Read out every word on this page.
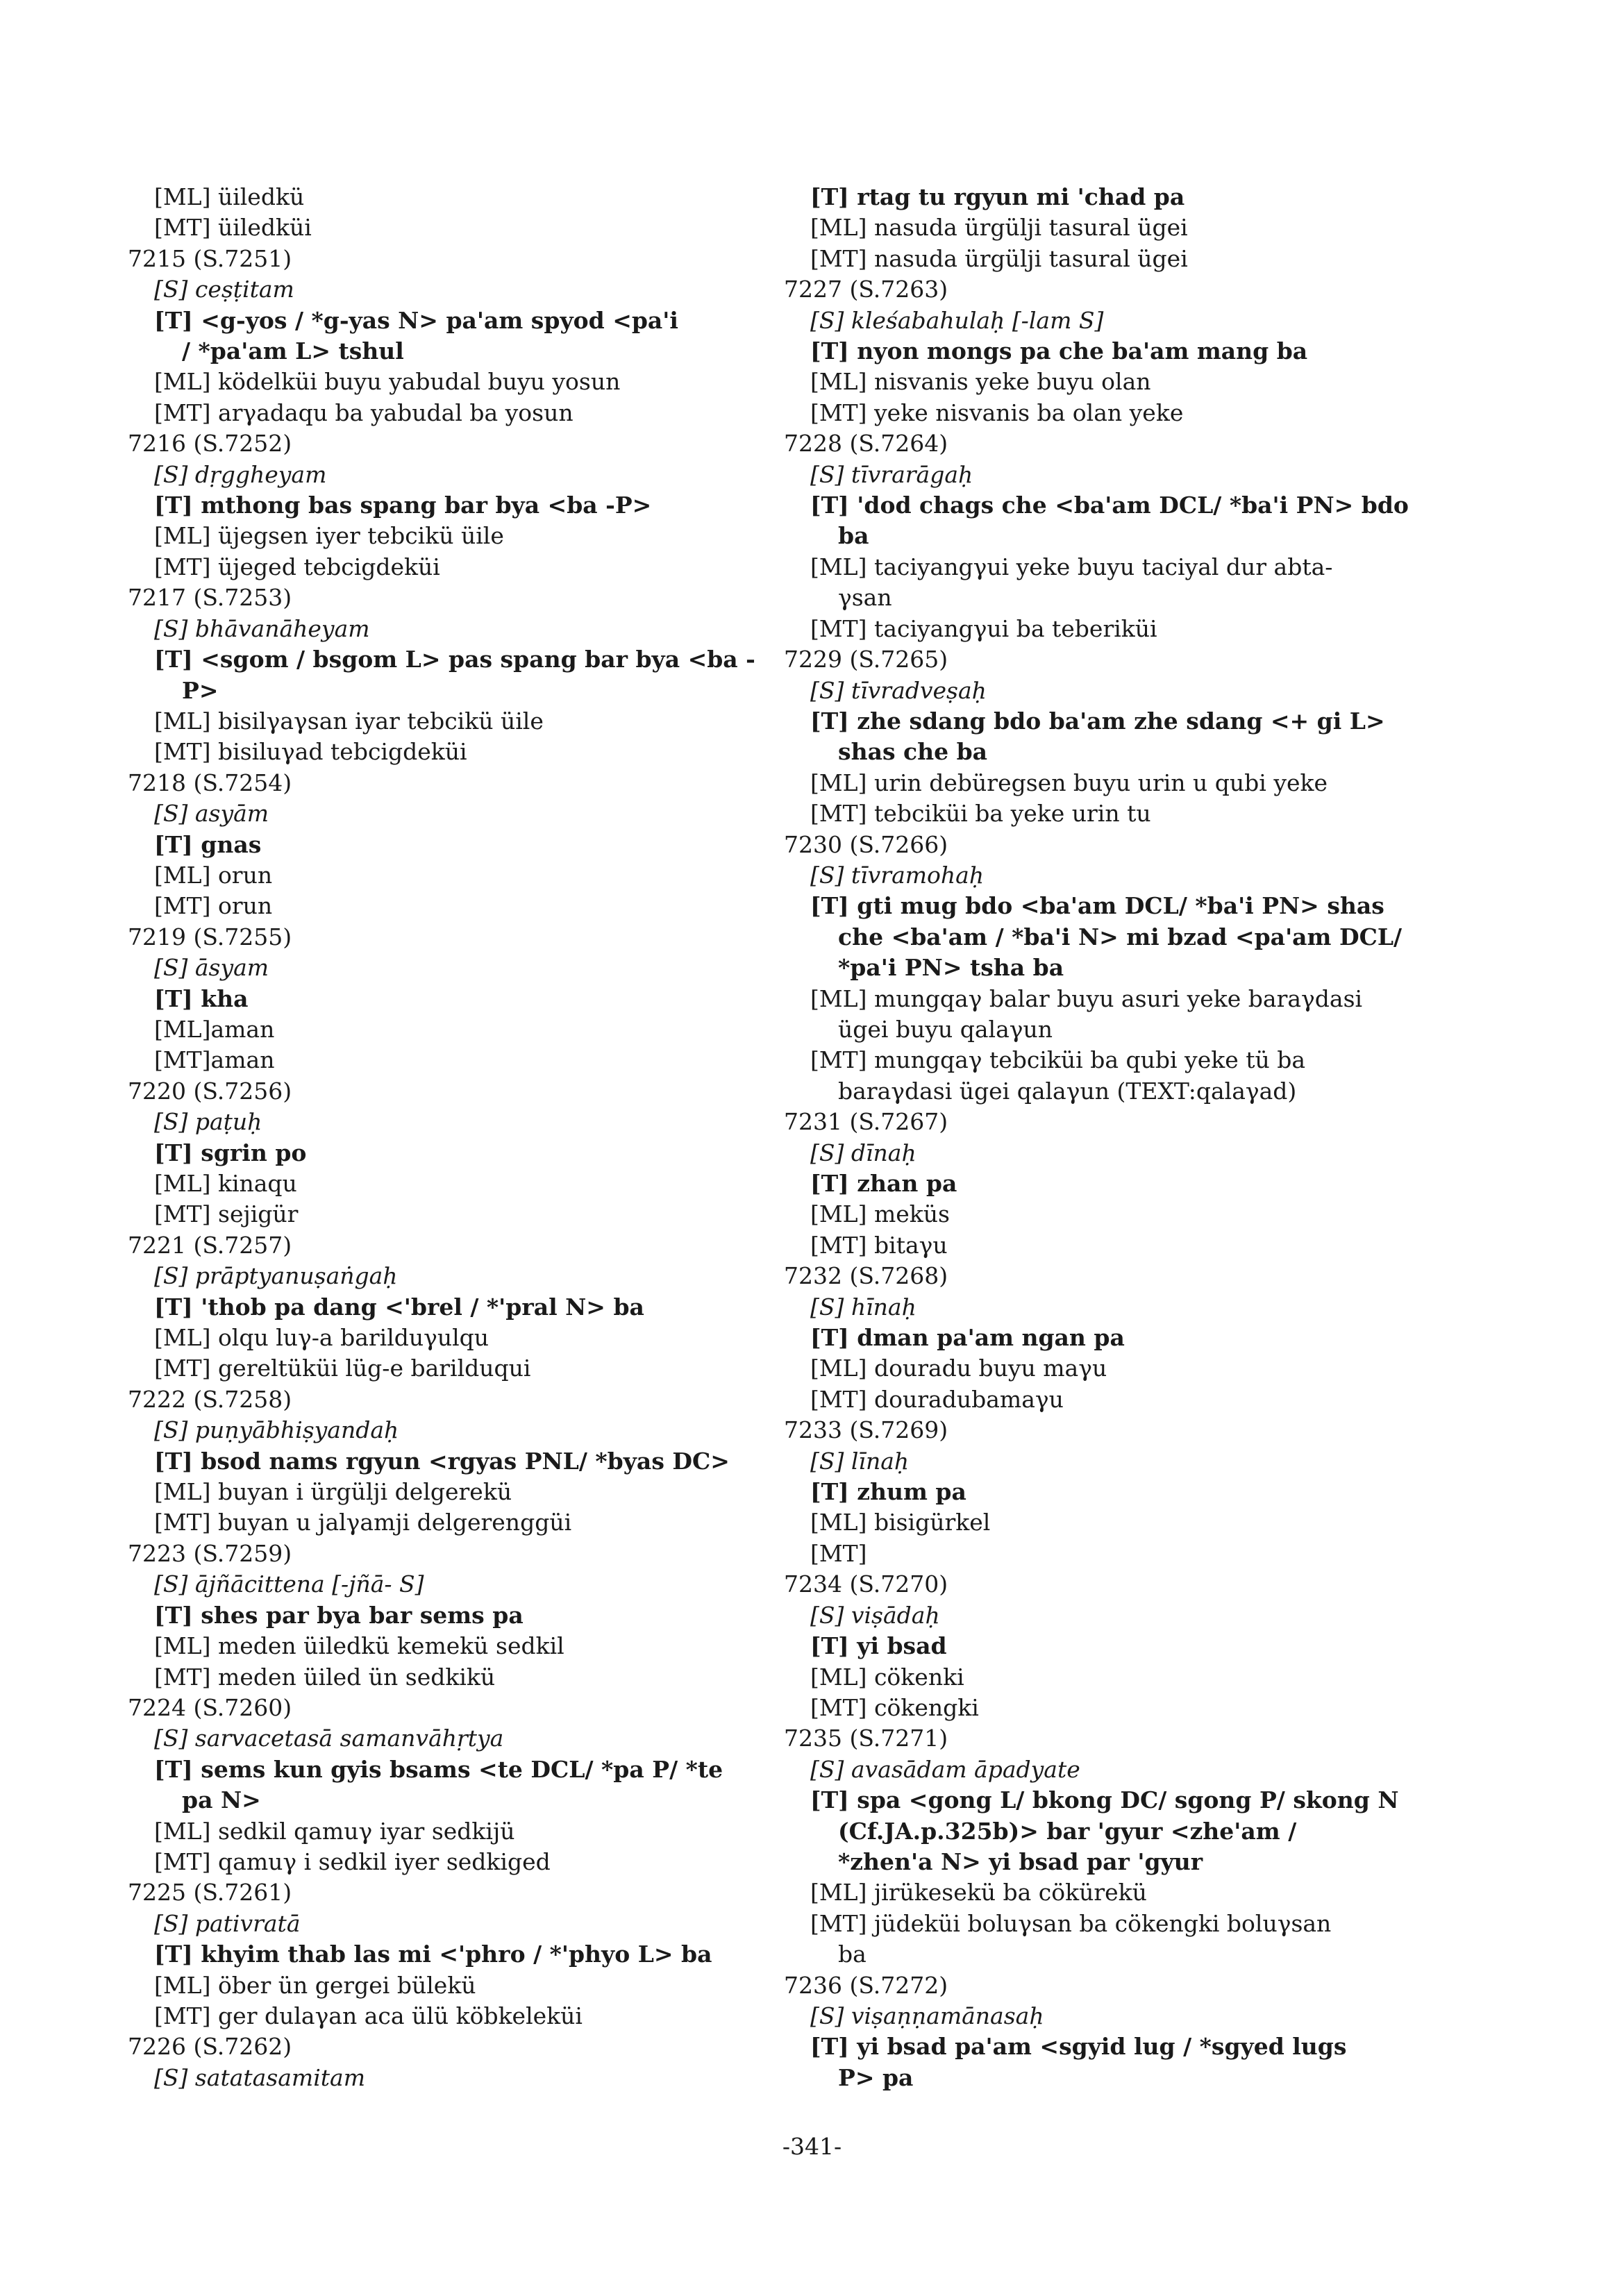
[ML] üiledkü
[MT] üiledküi
7215 (S.7251)
[S] ceṣṭitam
[T] <g-yos / *g-yas N> pa'am spyod <pa'i
/ *pa'am L> tshul
[ML] ködelküi buyu yabudal buyu yosun
[MT] arγadaqu ba yabudal ba yosun
7216 (S.7252)
[S] dṛggheyam
[T] mthong bas spang bar bya <ba -P>
[ML] üjegsen iyer tebcikü üile
[MT] üjeged tebcigdeküi
7217 (S.7253)
[S] bhāvanāheyam
[T] <sgom / bsgom L> pas spang bar bya <ba -
P>
[ML] bisilγaγsan iyar tebcikü üile
[MT] bisiluγad tebcigdeküi
7218 (S.7254)
[S] asyām
[T] gnas
[ML] orun
[MT] orun
7219 (S.7255)
[S] āsyam
[T] kha
[ML]aman
[MT]aman
7220 (S.7256)
[S] paṭuḥ
[T] sgrin po
[ML] kinaqu
[MT] sejigür
7221 (S.7257)
[S] prāptyanuṣaṅgaḥ
[T] 'thob pa dang <'brel / *'pral N> ba
[ML] olqu luγ-a barilduγulqu
[MT] gereltüküi lüg-e barilduqui
7222 (S.7258)
[S] puṇyābhiṣyandaḥ
[T] bsod nams rgyun <rgyas PNL/ *byas DC>
[ML] buyan i ürgülji delgerekü
[MT] buyan u jalγamji delgerenggüi
7223 (S.7259)
[S] ājñācittena [-jñā- S]
[T] shes par bya bar sems pa
[ML] meden üiledkü kemekü sedkil
[MT] meden üiled ün sedkikü
7224 (S.7260)
[S] sarvacetasā samanvāhṛtya
[T] sems kun gyis bsams <te DCL/ *pa P/ *te
pa N>
[ML] sedkil qamuγ iyar sedkijü
[MT] qamuγ i sedkil iyer sedkiged
7225 (S.7261)
[S] pativratā
[T] khyim thab las mi <'phro / *'phyo L> ba
[ML] öber ün gergei bülekü
[MT] ger dulaγan aca ülü köbkeleküi
7226 (S.7262)
[S] satatasamitam
[T] rtag tu rgyun mi 'chad pa
[ML] nasuda ürgülji tasural ügei
[MT] nasuda ürgülji tasural ügei
7227 (S.7263)
[S] kleśabahulaḥ [-lam S]
[T] nyon mongs pa che ba'am mang ba
[ML] nisvanis yeke buyu olan
[MT] yeke nisvanis ba olan yeke
7228 (S.7264)
[S] tīvrarāgaḥ
[T] 'dod chags che <ba'am DCL/ *ba'i PN> bdo
ba
[ML] taciyangγui yeke buyu taciyal dur abta-
γsan
[MT] taciyangγui ba teberiküi
7229 (S.7265)
[S] tīvradveṣaḥ
[T] zhe sdang bdo ba'am zhe sdang <+ gi L>
shas che ba
[ML] urin debüregsen buyu urin u qubi yeke
[MT] tebciküi ba yeke urin tu
7230 (S.7266)
[S] tīvramohaḥ
[T] gti mug bdo <ba'am DCL/ *ba'i PN> shas
che <ba'am / *ba'i N> mi bzad <pa'am DCL/
*pa'i PN> tsha ba
[ML] mungqaγ balar buyu asuri yeke baraγdasi
ügei buyu qalaγun
[MT] mungqaγ tebciküi ba qubi yeke tü ba
baraγdasi ügei qalaγun (TEXT:qalaγad)
7231 (S.7267)
[S] dīnaḥ
[T] zhan pa
[ML] meküs
[MT] bitaγu
7232 (S.7268)
[S] hīnaḥ
[T] dman pa'am ngan pa
[ML] douradu buyu maγu
[MT] douradubamaγu
7233 (S.7269)
[S] līnaḥ
[T] zhum pa
[ML] bisigürkel
[MT]
7234 (S.7270)
[S] viṣādaḥ
[T] yi bsad
[ML] cökenki
[MT] cökengki
7235 (S.7271)
[S] avasādam āpadyate
[T] spa <gong L/ bkong DC/ sgong P/ skong N
(Cf.JA.p.325b)> bar 'gyur <zhe'am /
*zhen'a N> yi bsad par 'gyur
[ML] jirükesekü ba cökürekü
[MT] jüdeküi boluγsan ba cökengki boluγsan
ba
7236 (S.7272)
[S] viṣaṇṇamānasaḥ
[T] yi bsad pa'am <sgyid lug / *sgyed lugs
P> pa
-341-
